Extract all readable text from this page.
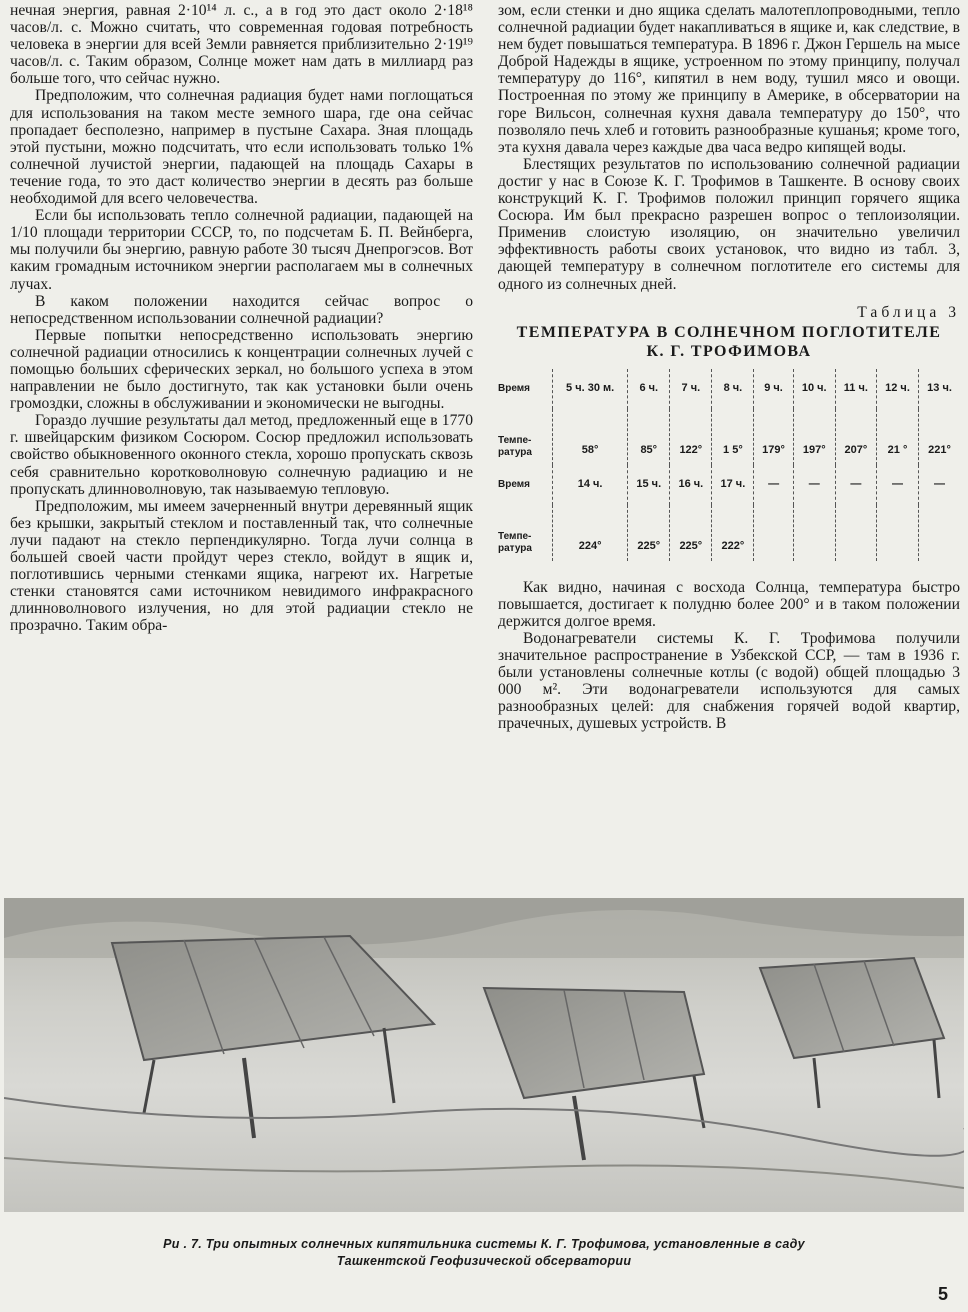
нечная энергия, равная 2·10¹⁴ л. с., а в год это даст около 2·18¹⁸ часов/л. с. Можно считать, что современная годовая потребность человека в энергии для всей Земли равняется приблизительно 2·19¹⁹ часов/л. с. Таким образом, Солнце может нам дать в миллиард раз больше того, что сейчас нужно.

Предположим, что солнечная радиация будет нами поглощаться для использования на таком месте земного шара, где она сейчас пропадает бесполезно, например в пустыне Сахара. Зная площадь этой пустыни, можно подсчитать, что если использовать только 1% солнечной лучистой энергии, падающей на площадь Сахары в течение года, то это даст количество энергии в десять раз больше необходимой для всего человечества.

Если бы использовать тепло солнечной радиации, падающей на 1/10 площади территории СССР, то, по подсчетам Б. П. Вейнберга, мы получили бы энергию, равную работе 30 тысяч Днепрогэсов. Вот каким громадным источником энергии располагаем мы в солнечных лучах.

В каком положении находится сейчас вопрос о непосредственном использовании солнечной радиации?

Первые попытки непосредственно использовать энергию солнечной радиации относились к концентрации солнечных лучей с помощью больших сферических зеркал, но большого успеха в этом направлении не было достигнуто, так как установки были очень громоздки, сложны в обслуживании и экономически не выгодны.

Гораздо лучшие результаты дал метод, предложенный еще в 1770 г. швейцарским физиком Сосюром. Сосюр предложил использовать свойство обыкновенного оконного стекла, хорошо пропускать сквозь себя сравнительно коротковолновую солнечную радиацию и не пропускать длинноволновую, так называемую тепловую.

Предположим, мы имеем зачерненный внутри деревянный ящик без крышки, закрытый стеклом и поставленный так, что солнечные лучи падают на стекло перпендикулярно. Тогда лучи солнца в большей своей части пройдут через стекло, войдут в ящик и, поглотившись черными стенками ящика, нагреют их. Нагретые стенки становятся сами источником невидимого инфракрасного длинноволнового излучения, но для этой радиации стекло не прозрачно. Таким обра-

зом, если стенки и дно ящика сделать малотеплопроводными, тепло солнечной радиации будет накапливаться в ящике и, как следствие, в нем будет повышаться температура. В 1896 г. Джон Гершель на мысе Доброй Надежды в ящике, устроенном по этому принципу, получал температуру до 116°, кипятил в нем воду, тушил мясо и овощи. Построенная по этому же принципу в Америке, в обсерватории на горе Вильсон, солнечная кухня давала температуру до 150°, что позволяло печь хлеб и готовить разнообразные кушанья; кроме того, эта кухня давала через каждые два часа ведро кипящей воды.

Блестящих результатов по использованию солнечной радиации достиг у нас в Союзе К. Г. Трофимов в Ташкенте. В основу своих конструкций К. Г. Трофимов положил принцип горячего ящика Сосюра. Им был прекрасно разрешен вопрос о теплоизоляции. Применив слоистую изоляцию, он значительно увеличил эффективность работы своих установок, что видно из табл. 3, дающей температуру в солнечном поглотителе его системы для одного из солнечных дней.

Таблица 3
ТЕМПЕРАТУРА В СОЛНЕЧНОМ ПОГЛОТИТЕЛЕ
К. Г. ТРОФИМОВА
Время	5 ч. 30 м.	6 ч.	7 ч.	8 ч.	9 ч.	10 ч.	11 ч.	12 ч.	13 ч.
Темпе-ратура	58°	85°	122°	1 5°	179°	197°	207°	21 °	221°
Время	14 ч.	15 ч.	16 ч.	17 ч.	—	—	—	—	—
Темпе-ратура	224°	225°	225°	222°					

Как видно, начиная с восхода Солнца, температура быстро повышается, достигает к полудню более 200° и в таком положении держится долгое время.

Водонагреватели системы К. Г. Трофимова получили значительное распространение в Узбекской ССР, — там в 1936 г. были установлены солнечные котлы (с водой) общей площадью 3 000 м². Эти водонагреватели используются для самых разнообразных целей: для снабжения горячей водой квартир, прачечных, душевых устройств. В

Ри . 7. Три опытных солнечных кипятильника системы К. Г. Трофимова, установленные в саду
Ташкентской Геофизической обсерватории
5
